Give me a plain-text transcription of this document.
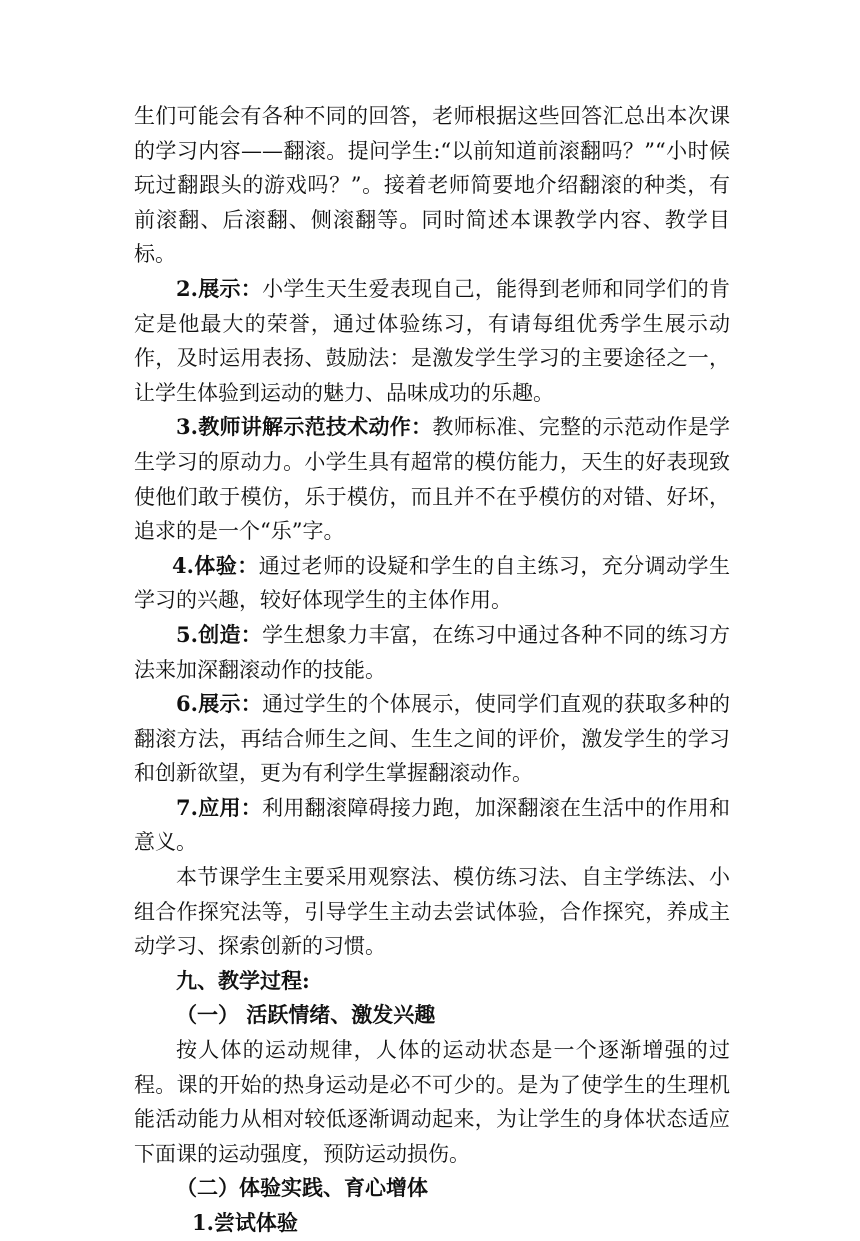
生们可能会有各种不同的回答，老师根据这些回答汇总出本次课的学习内容——翻滚。提问学生:“以前知道前滚翻吗？”“小时候玩过翻跟头的游戏吗？”。接着老师简要地介绍翻滚的种类，有前滚翻、后滚翻、侧滚翻等。同时简述本课教学内容、教学目标。

2.展示：小学生天生爱表现自己，能得到老师和同学们的肯定是他最大的荣誉，通过体验练习，有请每组优秀学生展示动作，及时运用表扬、鼓励法：是激发学生学习的主要途径之一，让学生体验到运动的魅力、品味成功的乐趣。

3.教师讲解示范技术动作：教师标准、完整的示范动作是学生学习的原动力。小学生具有超常的模仿能力，天生的好表现致使他们敢于模仿，乐于模仿，而且并不在乎模仿的对错、好坏，追求的是一个“乐”字。

4.体验：通过老师的设疑和学生的自主练习，充分调动学生学习的兴趣，较好体现学生的主体作用。

5.创造：学生想象力丰富，在练习中通过各种不同的练习方法来加深翻滚动作的技能。

6.展示：通过学生的个体展示，使同学们直观的获取多种的翻滚方法，再结合师生之间、生生之间的评价，激发学生的学习和创新欲望，更为有利学生掌握翻滚动作。

7.应用：利用翻滚障碍接力跑，加深翻滚在生活中的作用和意义。

本节课学生主要采用观察法、模仿练习法、自主学练法、小组合作探究法等，引导学生主动去尝试体验，合作探究，养成主动学习、探索创新的习惯。

九、教学过程:

（一） 活跃情绪、激发兴趣

按人体的运动规律，人体的运动状态是一个逐渐增强的过程。课的开始的热身运动是必不可少的。是为了使学生的生理机能活动能力从相对较低逐渐调动起来，为让学生的身体状态适应下面课的运动强度，预防运动损伤。

（二）体验实践、育心增体

1.尝试体验
